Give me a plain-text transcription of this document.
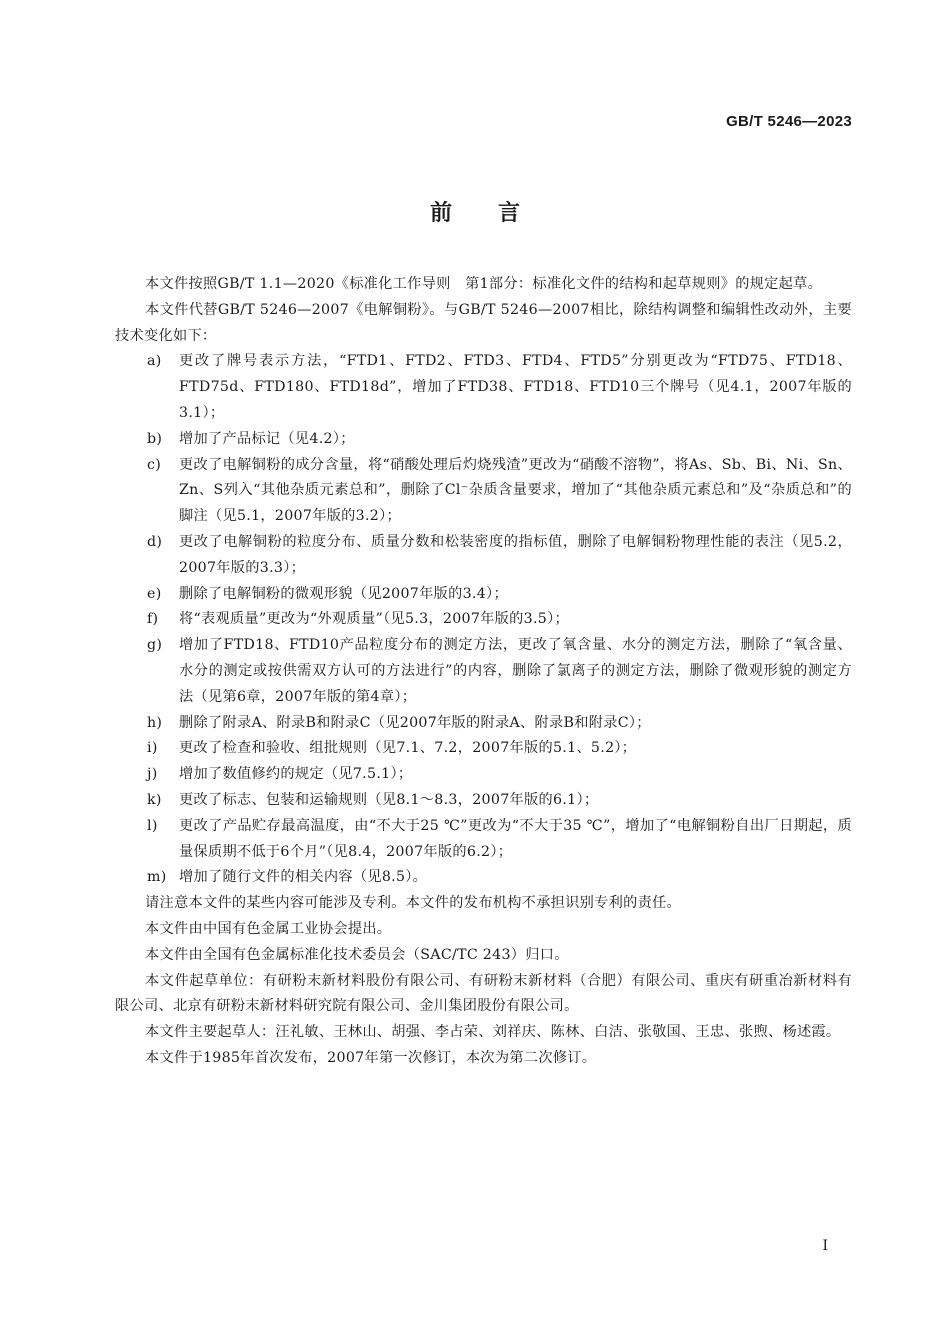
GB/T 5246—2023
前言

本文件按照GB/T 1.1—2020《标准化工作导则　第1部分：标准化文件的结构和起草规则》的规定起草。

本文件代替GB/T 5246—2007《电解铜粉》。与GB/T 5246—2007相比，除结构调整和编辑性改动外，主要技术变化如下：

a)	更改了牌号表示方法，“FTD1、FTD2、FTD3、FTD4、FTD5”分别更改为“FTD75、FTD18、FTD75d、FTD180、FTD18d”，增加了FTD38、FTD18、FTD10三个牌号（见4.1，2007年版的3.1）；
b)	增加了产品标记（见4.2）；
c)	更改了电解铜粉的成分含量，将“硝酸处理后灼烧残渣”更改为“硝酸不溶物”，将As、Sb、Bi、Ni、Sn、Zn、S列入“其他杂质元素总和”，删除了Cl⁻杂质含量要求，增加了“其他杂质元素总和”及“杂质总和”的脚注（见5.1，2007年版的3.2）；
d)	更改了电解铜粉的粒度分布、质量分数和松装密度的指标值，删除了电解铜粉物理性能的表注（见5.2，2007年版的3.3）；
e)	删除了电解铜粉的微观形貌（见2007年版的3.4）；
f)	将“表观质量”更改为“外观质量”（见5.3，2007年版的3.5）；
g)	增加了FTD18、FTD10产品粒度分布的测定方法，更改了氧含量、水分的测定方法，删除了“氧含量、水分的测定或按供需双方认可的方法进行”的内容，删除了氯离子的测定方法，删除了微观形貌的测定方法（见第6章，2007年版的第4章）；
h)	删除了附录A、附录B和附录C（见2007年版的附录A、附录B和附录C）；
i)	更改了检查和验收、组批规则（见7.1、7.2，2007年版的5.1、5.2）；
j)	增加了数值修约的规定（见7.5.1）；
k)	更改了标志、包装和运输规则（见8.1～8.3，2007年版的6.1）；
l)	更改了产品贮存最高温度，由“不大于25 ℃”更改为“不大于35 ℃”，增加了“电解铜粉自出厂日期起，质量保质期不低于6个月”（见8.4，2007年版的6.2）；
m) 增加了随行文件的相关内容（见8.5）。

请注意本文件的某些内容可能涉及专利。本文件的发布机构不承担识别专利的责任。

本文件由中国有色金属工业协会提出。

本文件由全国有色金属标准化技术委员会（SAC/TC 243）归口。

本文件起草单位：有研粉末新材料股份有限公司、有研粉末新材料（合肥）有限公司、重庆有研重冶新材料有限公司、北京有研粉末新材料研究院有限公司、金川集团股份有限公司。

本文件主要起草人：汪礼敏、王林山、胡强、李占荣、刘祥庆、陈林、白洁、张敬国、王忠、张煦、杨述霞。

本文件于1985年首次发布，2007年第一次修订，本次为第二次修订。

I
